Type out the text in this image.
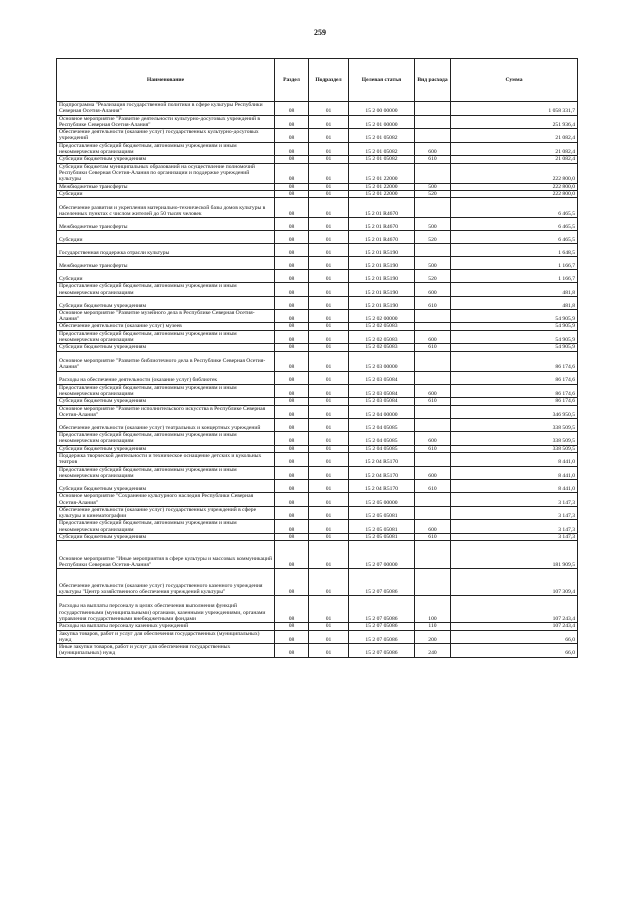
259
Наименование	Раздел	Подраздел	Целевая статья	Вид расхода	Сумма
Подпрограмма "Реализация государственной политики в сфере культуры Республики Северная Осетия-Алания"	08	01	15 2 00 00000		1 058 331,7
Основное мероприятие "Развитие деятельности культурно-досуговых учреждений в Республике Северная Осетия-Алания"	08	01	15 2 01 00000		251 936,4
Обеспечение деятельности (оказание услуг) государственных культурно-досуговых учреждений	08	01	15 2 01 05082		21 082,4
Предоставление субсидий бюджетным, автономным учреждениям и иным некоммерческим организациям	08	01	15 2 01 05082	600	21 082,4
Субсидии бюджетным учреждениям	08	01	15 2 01 05082	610	21 082,4
Субсидии бюджетам муниципальных образований на осуществление полномочий Республики Северная Осетия-Алания по организации и поддержке учреждений культуры	08	01	15 2 01 22000		222 800,0
Межбюджетные трансферты	08	01	15 2 01 22000	500	222 800,0
Субсидии	08	01	15 2 01 22000	520	222 800,0
Обеспечение развития и укрепления материально-технической базы домов культуры в населенных пунктах с числом жителей до 50 тысяч человек	08	01	15 2 01 R4670		6 465,5
Межбюджетные трансферты	08	01	15 2 01 R4670	500	6 465,5
Субсидии	08	01	15 2 01 R4670	520	6 465,5
Государственная поддержка отрасли культуры	08	01	15 2 01 R5190		1 648,5
Межбюджетные трансферты	08	01	15 2 01 R5190	500	1 166,7
Субсидии	08	01	15 2 01 R5190	520	1 166,7
Предоставление субсидий бюджетным, автономным учреждениям и иным некоммерческим организациям	08	01	15 2 01 R5190	600	481,8
Субсидии бюджетным учреждениям	08	01	15 2 01 R5190	610	481,8
Основное мероприятие "Развитие музейного дела в Республике Северная Осетия-Алания"	08	01	15 2 02 00000		54 905,9
Обеспечение деятельности (оказание услуг) музеев	08	01	15 2 02 05083		54 905,9
Предоставление субсидий бюджетным, автономным учреждениям и иным некоммерческим организациям	08	01	15 2 02 05083	600	54 905,9
Субсидии бюджетным учреждениям	08	01	15 2 02 05083	610	54 905,9
Основное мероприятие "Развитие библиотечного дела в Республике Северная Осетия-Алания"	08	01	15 2 03 00000		86 174,6
Расходы на обеспечение деятельности (оказание услуг) библиотек	08	01	15 2 03 05084		86 174,6
Предоставление субсидий бюджетным, автономным учреждениям и иным некоммерческим организациям	08	01	15 2 03 05084	600	86 174,6
Субсидии бюджетным учреждениям	08	01	15 2 03 05084	610	86 174,6
Основное мероприятие "Развитие исполнительского искусства в Республике Северная Осетия-Алания"	08	01	15 2 04 00000		346 950,5
Обеспечение деятельности (оказание услуг) театральных и концертных учреждений	08	01	15 2 04 05085		338 509,5
Предоставление субсидий бюджетным, автономным учреждениям и иным некоммерческим организациям	08	01	15 2 04 05085	600	338 509,5
Субсидии бюджетным учреждениям	08	01	15 2 04 05085	610	338 509,5
Поддержка творческой деятельности и техническое оснащение детских и кукольных театров	08	01	15 2 04 R5170		8 441,0
Предоставление субсидий бюджетным, автономным учреждениям и иным некоммерческим организациям	08	01	15 2 04 R5170	600	8 441,0
Субсидии бюджетным учреждениям	08	01	15 2 04 R5170	610	8 441,0
Основное мероприятие "Сохранение культурного наследия Республики Северная Осетия-Алания"	08	01	15 2 05 00000		3 147,3
Обеспечение деятельности (оказание услуг) государственных учреждений в сфере культуры и кинематографии	08	01	15 2 05 05081		3 147,3
Предоставление субсидий бюджетным, автономным учреждениям и иным некоммерческим организациям	08	01	15 2 05 05081	600	3 147,3
Субсидии бюджетным учреждениям	08	01	15 2 05 05081	610	3 147,3
Основное мероприятие "Иные мероприятия в сфере культуры и массовых коммуникаций Республики Северная Осетия-Алания"	08	01	15 2 07 00000		181 909,5
Обеспечение деятельности (оказание услуг) государственного казенного учреждения культуры "Центр хозяйственного обеспечения учреждений культуры"	08	01	15 2 07 05086		107 309,4
Расходы на выплаты персоналу в целях обеспечения выполнения функций государственными (муниципальными) органами, казенными учреждениями, органами управления государственными внебюджетными фондами	08	01	15 2 07 05086	100	107 243,4
Расходы на выплаты персоналу казенных учреждений	08	01	15 2 07 05086	110	107 243,4
Закупка товаров, работ и услуг для обеспечения государственных (муниципальных) нужд	08	01	15 2 07 05086	200	66,0
Иные закупки товаров, работ и услуг для обеспечения государственных (муниципальных) нужд	08	01	15 2 07 05086	240	66,0
